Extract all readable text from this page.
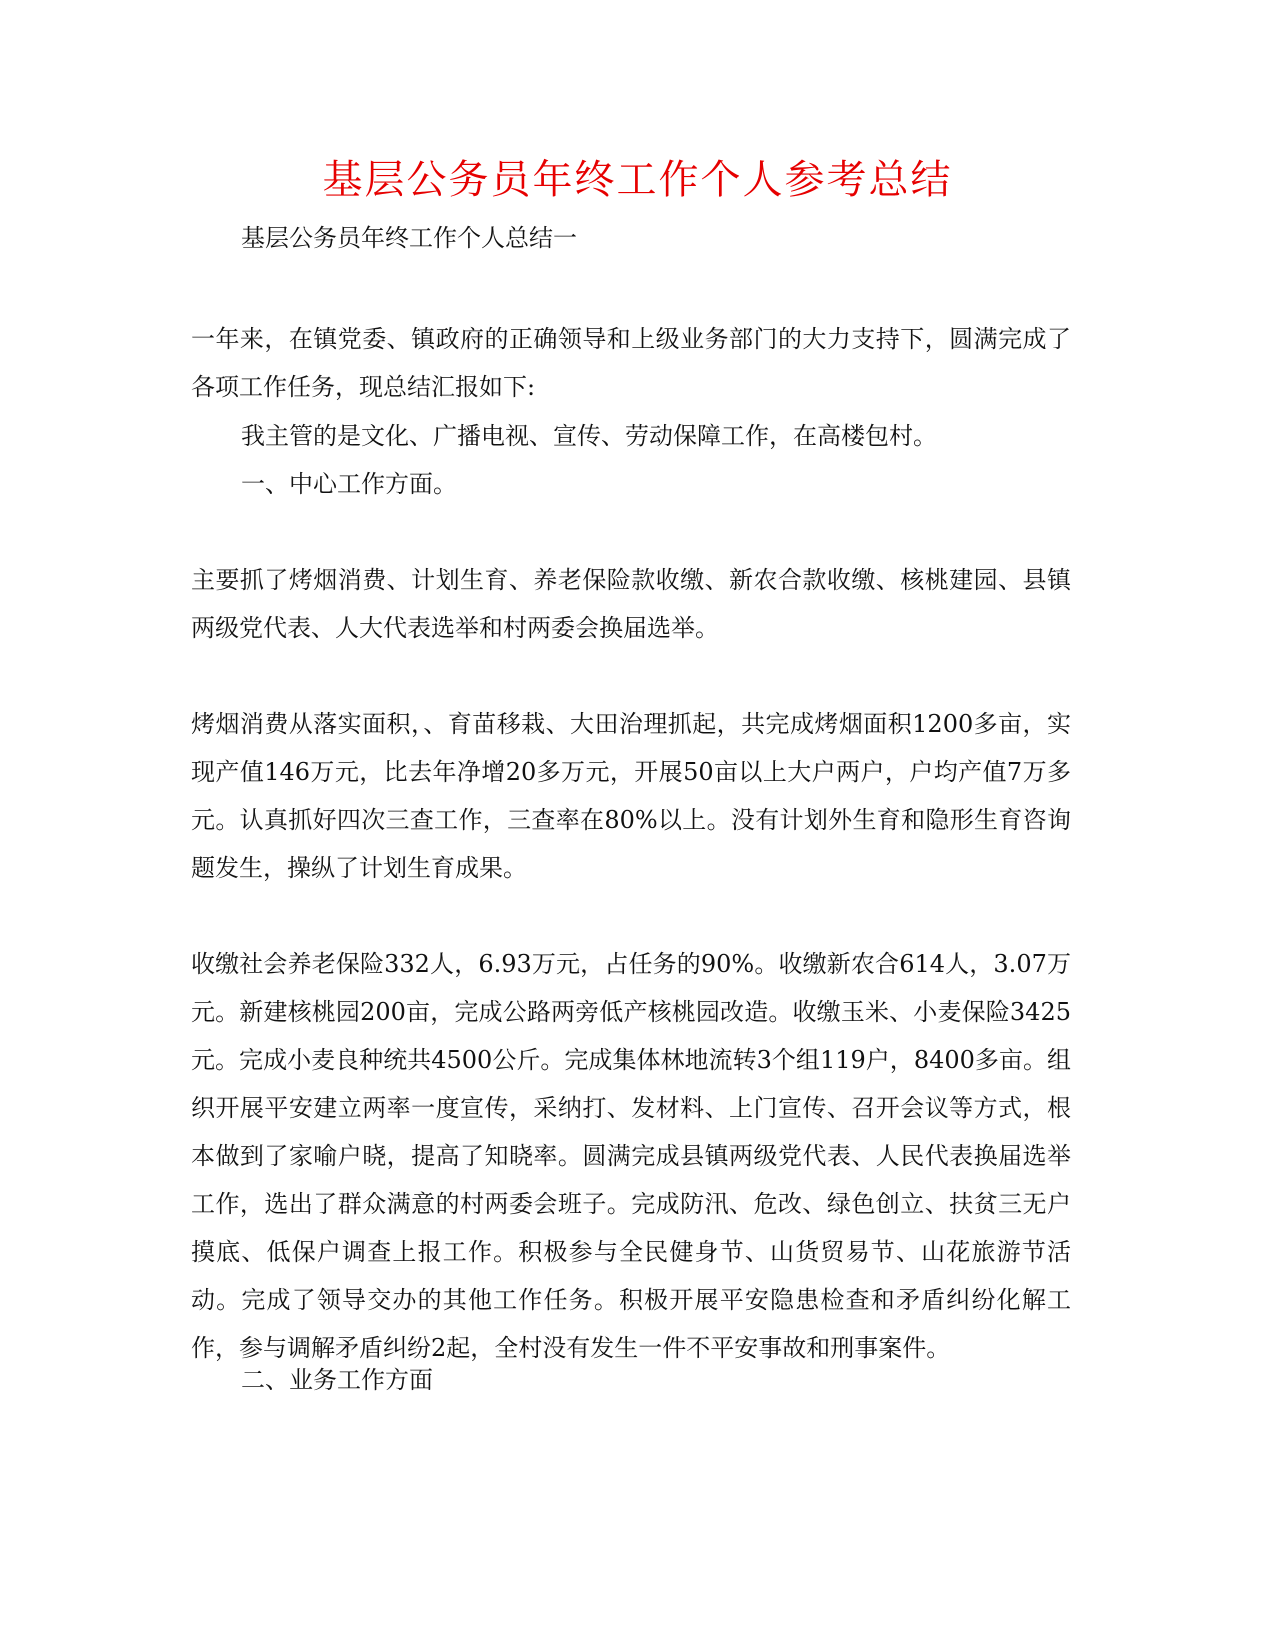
基层公务员年终工作个人参考总结
基层公务员年终工作个人总结一
一年来，在镇党委、镇政府的正确领导和上级业务部门的大力支持下，圆满完成了各项工作任务，现总结汇报如下:
我主管的是文化、广播电视、宣传、劳动保障工作，在高楼包村。
一、中心工作方面。
主要抓了烤烟消费、计划生育、养老保险款收缴、新农合款收缴、核桃建园、县镇两级党代表、人大代表选举和村两委会换届选举。
烤烟消费从落实面积，、育苗移栽、大田治理抓起，共完成烤烟面积1200多亩，实现产值146万元，比去年净增20多万元，开展50亩以上大户两户，户均产值7万多元。认真抓好四次三查工作，三查率在80%以上。没有计划外生育和隐形生育咨询题发生，操纵了计划生育成果。
收缴社会养老保险332人，6.93万元，占任务的90%。收缴新农合614人，3.07万元。新建核桃园200亩，完成公路两旁低产核桃园改造。收缴玉米、小麦保险3425元。完成小麦良种统共4500公斤。完成集体林地流转3个组119户，8400多亩。组织开展平安建立两率一度宣传，采纳打、发材料、上门宣传、召开会议等方式，根本做到了家喻户晓，提高了知晓率。圆满完成县镇两级党代表、人民代表换届选举工作，选出了群众满意的村两委会班子。完成防汛、危改、绿色创立、扶贫三无户摸底、低保户调查上报工作。积极参与全民健身节、山货贸易节、山花旅游节活动。完成了领导交办的其他工作任务。积极开展平安隐患检查和矛盾纠纷化解工作，参与调解矛盾纠纷2起，全村没有发生一件不平安事故和刑事案件。
二、业务工作方面
